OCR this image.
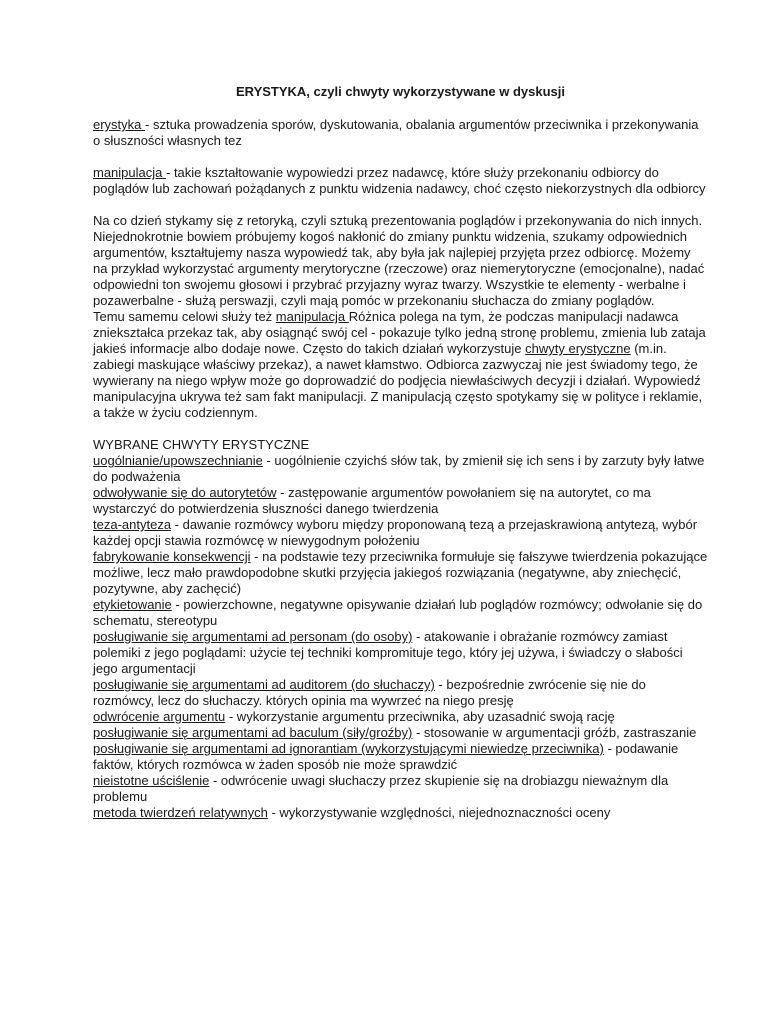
ERYSTYKA, czyli chwyty wykorzystywane w dyskusji

erystyka - sztuka prowadzenia sporów, dyskutowania, obalania argumentów przeciwnika i przekonywania o słuszności własnych tez

manipulacja - takie kształtowanie wypowiedzi przez nadawcę, które służy przekonaniu odbiorcy do poglądów lub zachowań pożądanych z punktu widzenia nadawcy, choć często niekorzystnych dla odbiorcy

Na co dzień stykamy się z retoryką, czyli sztuką prezentowania poglądów i przekonywania do nich innych. Niejednokrotnie bowiem próbujemy kogoś nakłonić do zmiany punktu widzenia, szukamy odpowiednich argumentów, kształtujemy nasza wypowiedź tak, aby była jak najlepiej przyjęta przez odbiorcę. Możemy na przykład wykorzystać argumenty merytoryczne (rzeczowe) oraz niemerytoryczne (emocjonalne), nadać odpowiedni ton swojemu głosowi i przybrać przyjazny wyraz twarzy. Wszystkie te elementy - werbalne i pozawerbalne - służą perswazji, czyli mają pomóc w przekonaniu słuchacza do zmiany poglądów.

Temu samemu celowi służy też manipulacja Różnica polega na tym, że podczas manipulacji nadawca zniekształca przekaz tak, aby osiągnąć swój cel - pokazuje tylko jedną stronę problemu, zmienia lub zataja jakieś informacje albo dodaje nowe. Często do takich działań wykorzystuje chwyty erystyczne (m.in. zabiegi maskujące właściwy przekaz), a nawet kłamstwo. Odbiorca zazwyczaj nie jest świadomy tego, że wywierany na niego wpływ może go doprowadzić do podjęcia niewłaściwych decyzji i działań. Wypowiedź manipulacyjna ukrywa też sam fakt manipulacji. Z manipulacją często spotykamy się w polityce i reklamie, a także w życiu codziennym.

WYBRANE CHWYTY ERYSTYCZNE

uogólnianie/upowszechnianie - uogólnienie czyichś słów tak, by zmienił się ich sens i by zarzuty były łatwe do podważenia

odwoływanie się do autorytetów - zastępowanie argumentów powołaniem się na autorytet, co ma wystarczyć do potwierdzenia słuszności danego twierdzenia

teza-antyteza - dawanie rozmówcy wyboru między proponowaną tezą a przejaskrawioną antytezą, wybór każdej opcji stawia rozmówcę w niewygodnym położeniu

fabrykowanie konsekwencji - na podstawie tezy przeciwnika formułuje się fałszywe twierdzenia pokazujące możliwe, lecz mało prawdopodobne skutki przyjęcia jakiegoś rozwiązania (negatywne, aby zniechęcić, pozytywne, aby zachęcić)

etykietowanie - powierzchowne, negatywne opisywanie działań lub poglądów rozmówcy; odwołanie się do schematu, stereotypu

posługiwanie się argumentami ad personam (do osoby) - atakowanie i obrażanie rozmówcy zamiast polemiki z jego poglądami: użycie tej techniki kompromituje tego, który jej używa, i świadczy o słabości jego argumentacji

posługiwanie się argumentami ad auditorem (do słuchaczy) - bezpośrednie zwrócenie się nie do rozmówcy, lecz do słuchaczy. których opinia ma wywrzeć na niego presję

odwrócenie argumentu - wykorzystanie argumentu przeciwnika, aby uzasadnić swoją rację

posługiwanie się argumentami ad baculum (siły/groźby) - stosowanie w argumentacji gróźb, zastraszanie

posługiwanie się argumentami ad ignorantiam (wykorzystującymi niewiedzę przeciwnika) - podawanie faktów, których rozmówca w żaden sposób nie może sprawdzić

nieistotne uściślenie - odwrócenie uwagi słuchaczy przez skupienie się na drobiazgu nieważnym dla problemu

metoda twierdzeń relatywnych - wykorzystywanie względności, niejednoznaczności oceny
